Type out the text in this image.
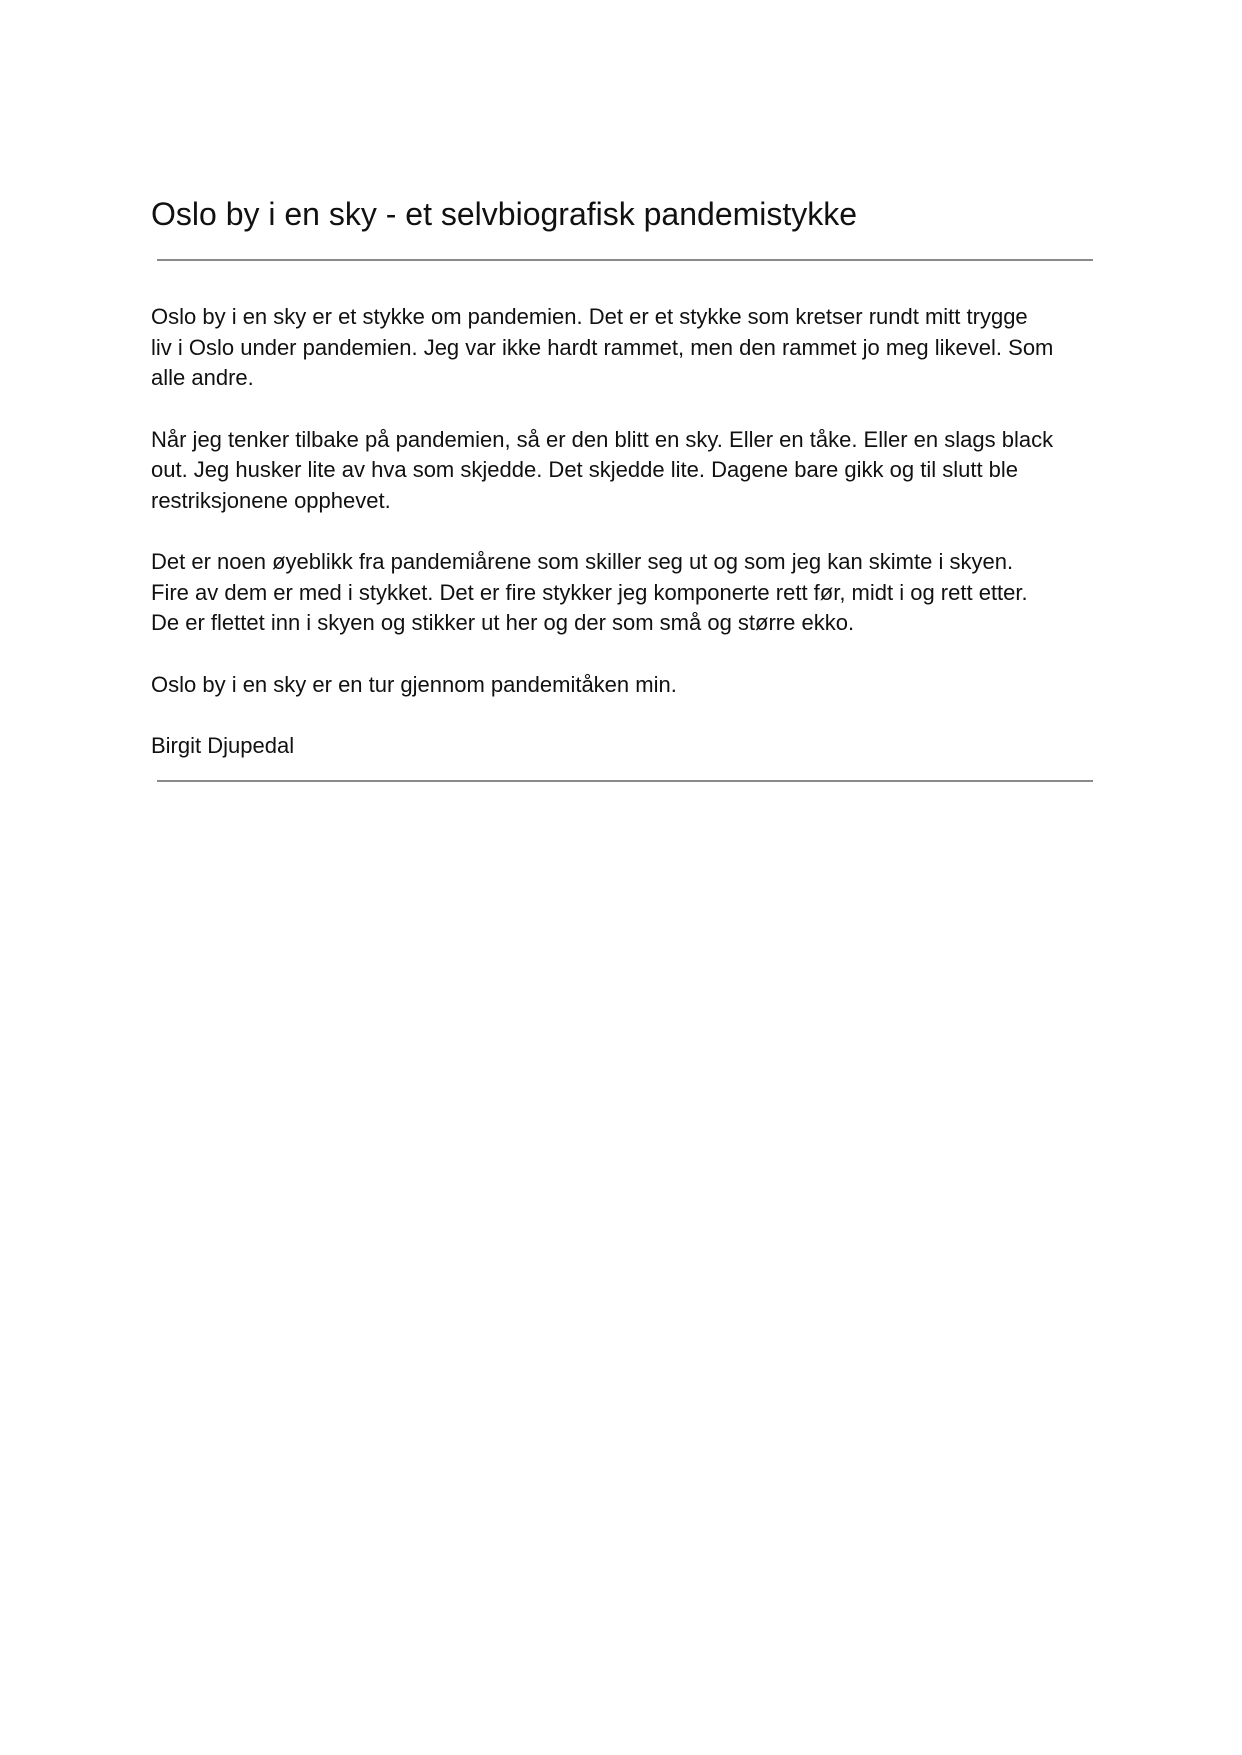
Oslo by i en sky - et selvbiografisk pandemistykke

Oslo by i en sky er et stykke om pandemien. Det er et stykke som kretser rundt mitt trygge
liv i Oslo under pandemien. Jeg var ikke hardt rammet, men den rammet jo meg likevel. Som
alle andre.

Når jeg tenker tilbake på pandemien, så er den blitt en sky. Eller en tåke. Eller en slags black
out. Jeg husker lite av hva som skjedde. Det skjedde lite. Dagene bare gikk og til slutt ble
restriksjonene opphevet.

Det er noen øyeblikk fra pandemiårene som skiller seg ut og som jeg kan skimte i skyen.
Fire av dem er med i stykket. Det er fire stykker jeg komponerte rett før, midt i og rett etter.
De er flettet inn i skyen og stikker ut her og der som små og større ekko.

Oslo by i en sky er en tur gjennom pandemitåken min.

Birgit Djupedal
